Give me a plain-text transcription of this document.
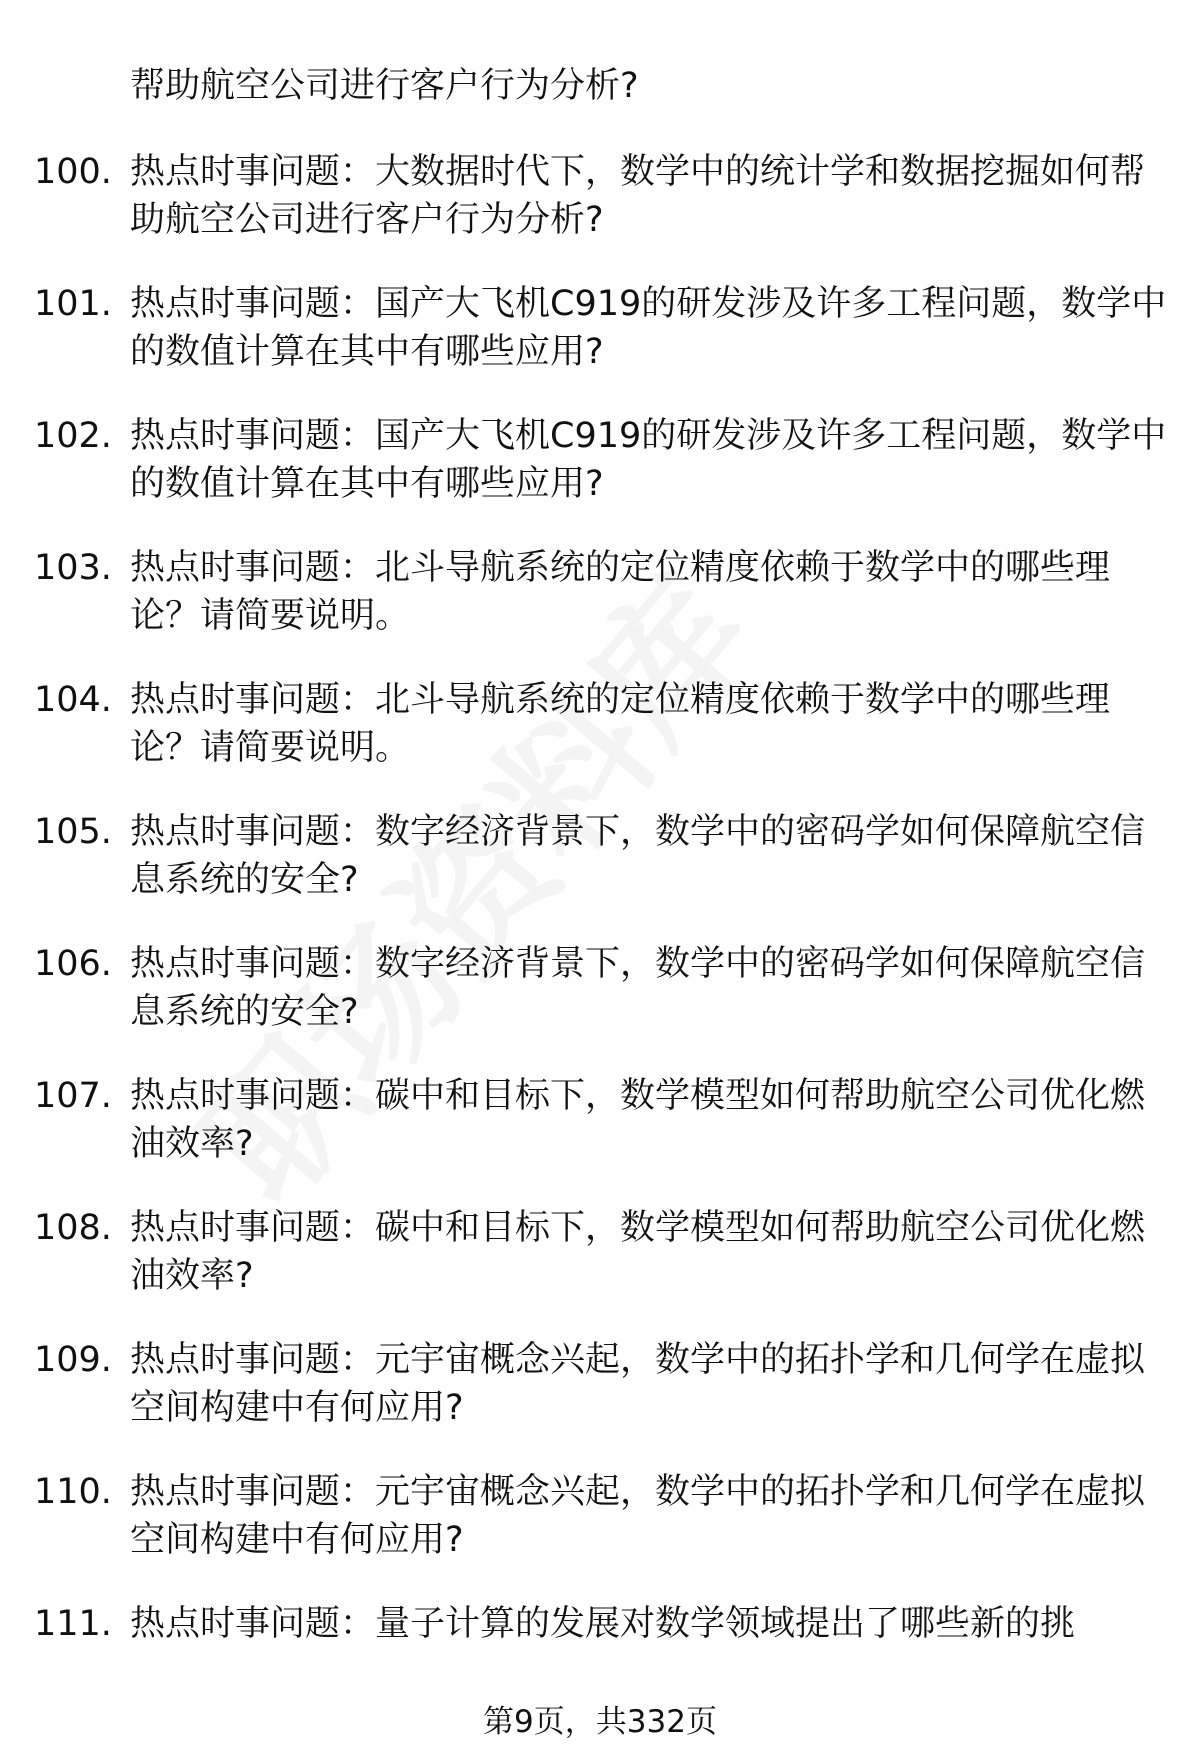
帮助航空公司进行客户行为分析?

100. 热点时事问题：大数据时代下，数学中的统计学和数据挖掘如何帮助航空公司进行客户行为分析?

101. 热点时事问题：国产大飞机C919的研发涉及许多工程问题，数学中的数值计算在其中有哪些应用?

102. 热点时事问题：国产大飞机C919的研发涉及许多工程问题，数学中的数值计算在其中有哪些应用?

103. 热点时事问题：北斗导航系统的定位精度依赖于数学中的哪些理论？请简要说明。

104. 热点时事问题：北斗导航系统的定位精度依赖于数学中的哪些理论？请简要说明。

105. 热点时事问题：数字经济背景下，数学中的密码学如何保障航空信息系统的安全?

106. 热点时事问题：数字经济背景下，数学中的密码学如何保障航空信息系统的安全?

107. 热点时事问题：碳中和目标下，数学模型如何帮助航空公司优化燃油效率?

108. 热点时事问题：碳中和目标下，数学模型如何帮助航空公司优化燃油效率?

109. 热点时事问题：元宇宙概念兴起，数学中的拓扑学和几何学在虚拟空间构建中有何应用?

110. 热点时事问题：元宇宙概念兴起，数学中的拓扑学和几何学在虚拟空间构建中有何应用?

111. 热点时事问题：量子计算的发展对数学领域提出了哪些新的挑

第9页，共332页
